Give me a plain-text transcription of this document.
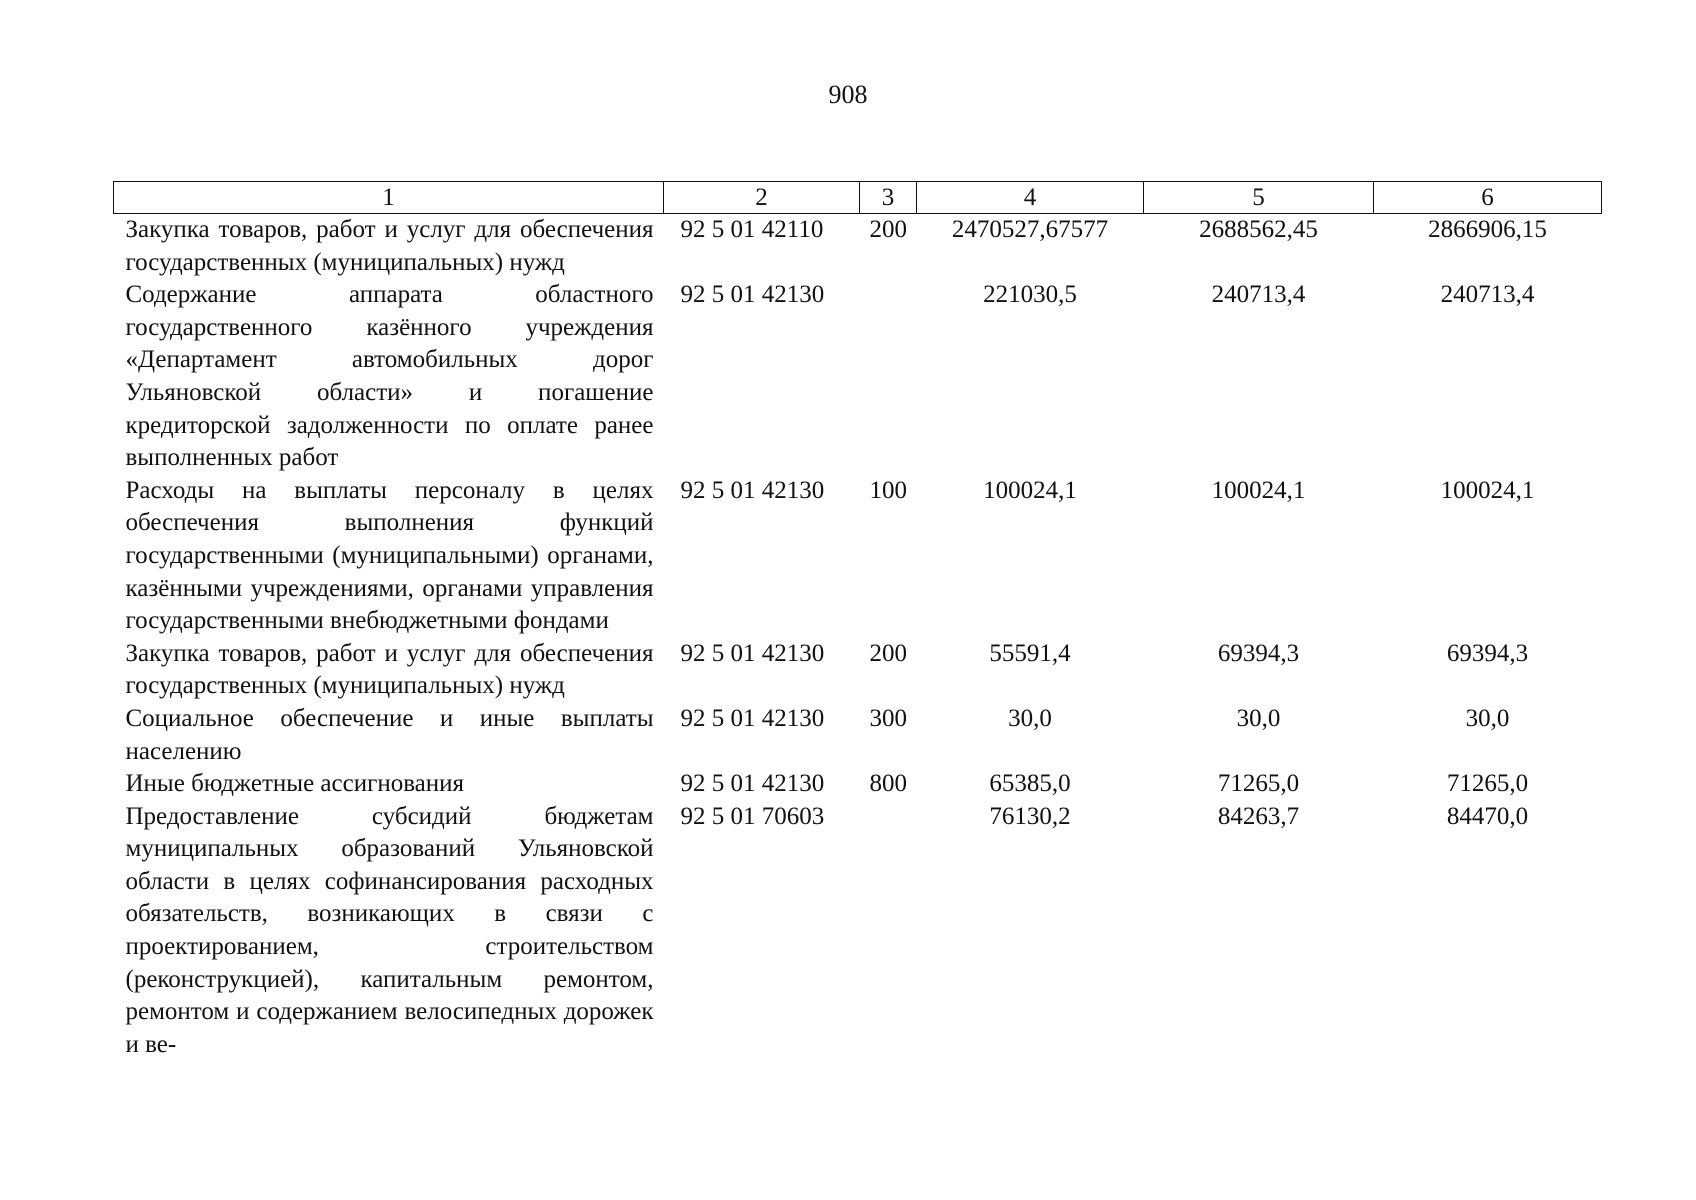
908
1	2	3	4	5	6
Закупка товаров, работ и услуг для обеспечения государственных (муниципальных) нужд	92 5 01 42110	200	2470527,67577	2688562,45	2866906,15
Содержание аппарата областного государственного казённого учреждения «Департамент автомобильных дорог Ульяновской области» и погашение кредиторской задолженности по оплате ранее выполненных работ	92 5 01 42130		221030,5	240713,4	240713,4
Расходы на выплаты персоналу в целях обеспечения выполнения функций государственными (муниципальными) органами, казёнными учреждениями, органами управления государственными внебюджетными фондами	92 5 01 42130	100	100024,1	100024,1	100024,1
Закупка товаров, работ и услуг для обеспечения государственных (муниципальных) нужд	92 5 01 42130	200	55591,4	69394,3	69394,3
Социальное обеспечение и иные выплаты населению	92 5 01 42130	300	30,0	30,0	30,0
Иные бюджетные ассигнования	92 5 01 42130	800	65385,0	71265,0	71265,0
Предоставление субсидий бюджетам муниципальных образований Ульяновской области в целях софинансирования расходных обязательств, возникающих в связи с проектированием, строительством (реконструкцией), капитальным ремонтом, ремонтом и содержанием велосипедных дорожек и ве-	92 5 01 70603		76130,2	84263,7	84470,0
